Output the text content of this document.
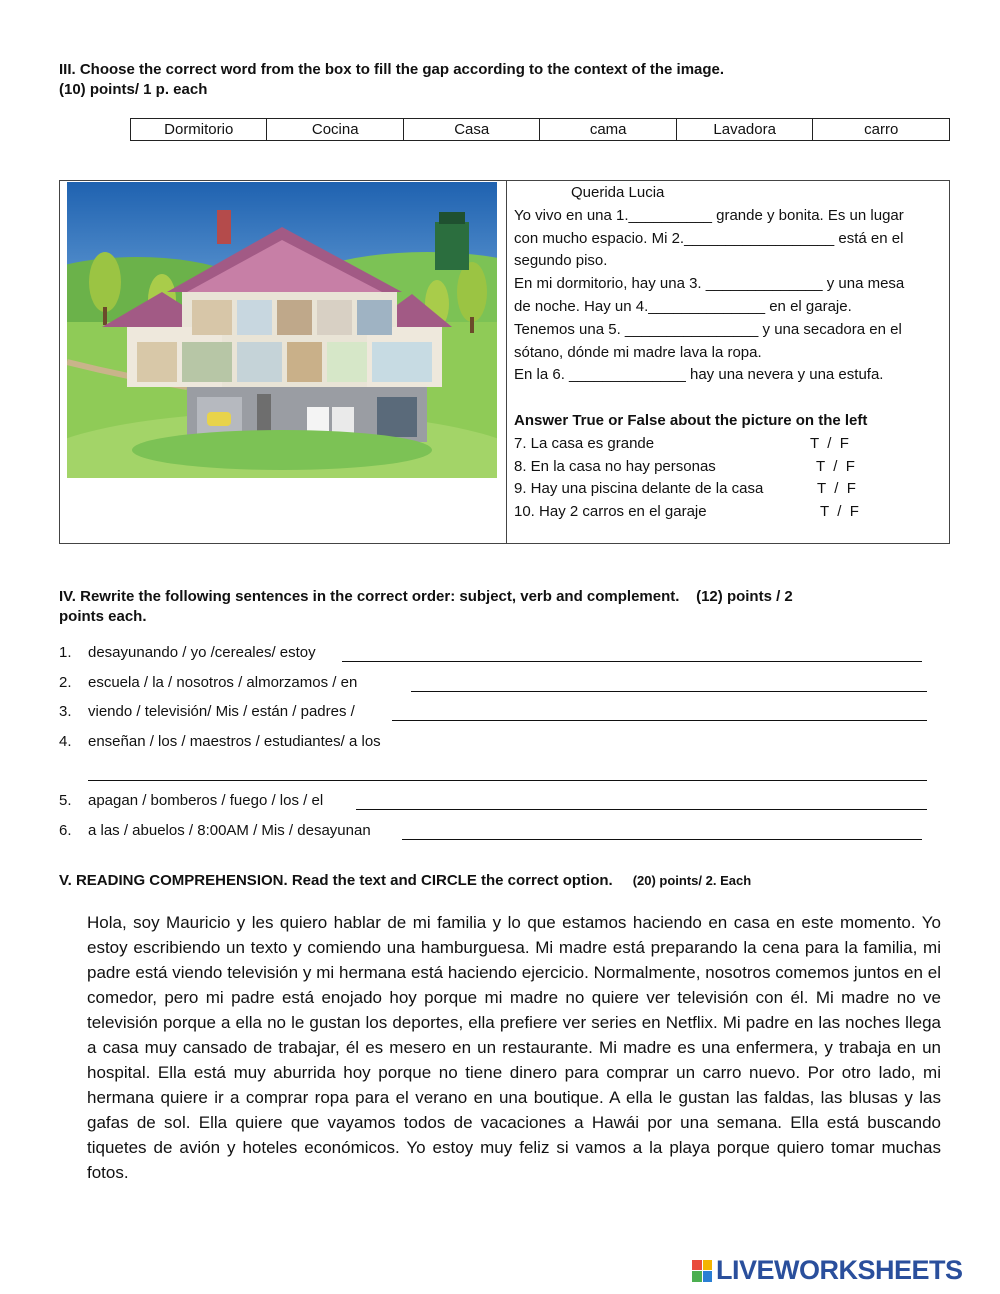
III. Choose the correct word from the box to fill the gap according to the context of the image.
(10) points/ 1 p. each
Dormitorio	Cocina	Casa	cama	Lavadora	carro
Querida Lucia
Yo vivo en una 1.__________ grande y bonita. Es un lugar
con mucho espacio. Mi 2.__________________ está en el
segundo piso.
En mi dormitorio, hay una 3. ______________ y una mesa
de noche. Hay un 4.______________ en el garaje.
Tenemos una 5. ________________ y una secadora en el
sótano, dónde mi madre lava la ropa.
En la 6. ______________ hay una nevera y una estufa.

Answer True or False about the picture on the left
7. La casa es grande	T  /  F
8. En la casa no hay personas	T  /  F
9. Hay una piscina delante de la casa	T  /  F
10. Hay 2 carros en el garaje	T  /  F
IV. Rewrite the following sentences in the correct order: subject, verb and complement.    (12) points / 2
points each.
1. desayunando / yo /cereales/ estoy
2. escuela / la / nosotros / almorzamos / en
3. viendo / televisión/ Mis / están / padres /
4. enseñan / los / maestros / estudiantes/ a los
5. apagan / bomberos / fuego / los / el
6. a las / abuelos / 8:00AM / Mis / desayunan
V. READING COMPREHENSION. Read the text and CIRCLE the correct option. (20) points/ 2. Each
Hola, soy Mauricio y les quiero hablar de mi familia y lo que estamos haciendo en casa en este momento. Yo estoy escribiendo un texto y comiendo una hamburguesa. Mi madre está preparando la cena para la familia, mi padre está viendo televisión y mi hermana está haciendo ejercicio. Normalmente, nosotros comemos juntos en el comedor, pero mi padre está enojado hoy porque mi madre no quiere ver televisión con él. Mi madre no ve televisión porque a ella no le gustan los deportes, ella prefiere ver series en Netflix. Mi padre en las noches llega a casa muy cansado de trabajar, él es mesero en un restaurante. Mi madre es una enfermera, y trabaja en un hospital. Ella está muy aburrida hoy porque no tiene dinero para comprar un carro nuevo. Por otro lado, mi hermana quiere ir a comprar ropa para el verano en una boutique. A ella le gustan las faldas, las blusas y las gafas de sol. Ella quiere que vayamos todos de vacaciones a Hawái por una semana. Ella está buscando tiquetes de avión y hoteles económicos. Yo estoy muy feliz si vamos a la playa porque quiero tomar muchas fotos.
LIVEWORKSHEETS
